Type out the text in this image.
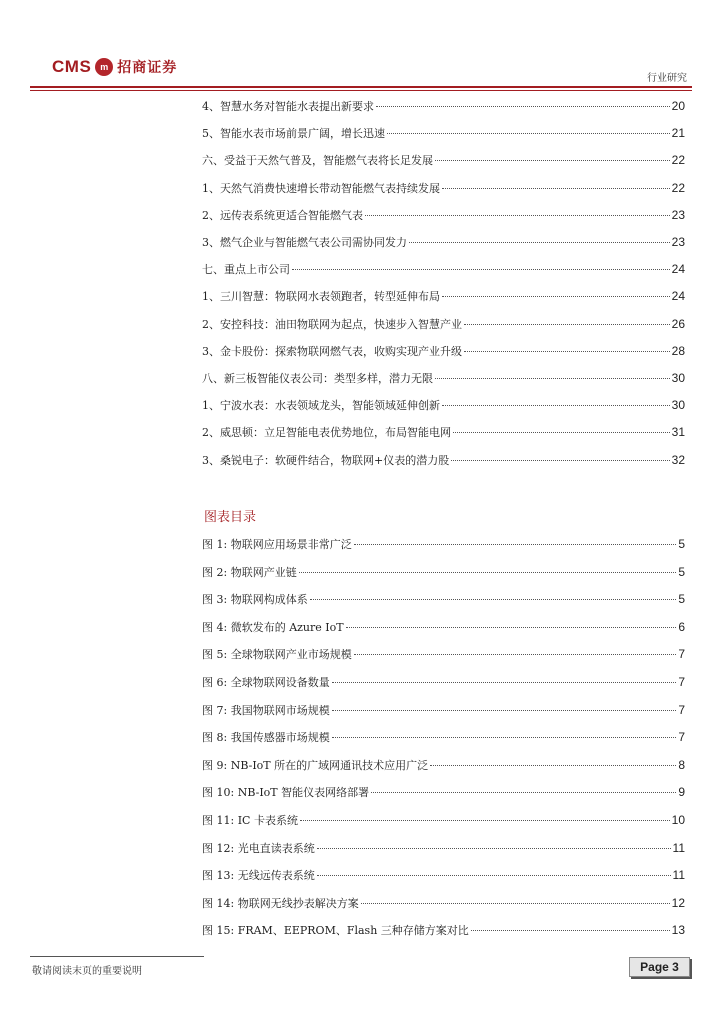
CMS m 招商证券
行业研究
4、智慧水务对智能水表提出新要求	20
5、智能水表市场前景广阔，增长迅速	21
六、受益于天然气普及，智能燃气表将长足发展	22
1、天然气消费快速增长带动智能燃气表持续发展	22
2、远传表系统更适合智能燃气表	23
3、燃气企业与智能燃气表公司需协同发力	23
七、重点上市公司	24
1、三川智慧：物联网水表领跑者，转型延伸布局	24
2、安控科技：油田物联网为起点，快速步入智慧产业	26
3、金卡股份：探索物联网燃气表，收购实现产业升级	28
八、新三板智能仪表公司：类型多样，潜力无限	30
1、宁波水表：水表领域龙头，智能领域延伸创新	30
2、威思顿：立足智能电表优势地位，布局智能电网	31
3、桑锐电子：软硬件结合，物联网+仪表的潜力股	32
图表目录
图 1: 物联网应用场景非常广泛	5
图 2: 物联网产业链	5
图 3: 物联网构成体系	5
图 4: 微软发布的 Azure IoT	6
图 5: 全球物联网产业市场规模	7
图 6: 全球物联网设备数量	7
图 7: 我国物联网市场规模	7
图 8: 我国传感器市场规模	7
图 9: NB-IoT 所在的广域网通讯技术应用广泛	8
图 10: NB-IoT 智能仪表网络部署	9
图 11: IC 卡表系统	10
图 12: 光电直读表系统	11
图 13: 无线远传表系统	11
图 14: 物联网无线抄表解决方案	12
图 15: FRAM、EEPROM、Flash 三种存储方案对比	13
敬请阅读末页的重要说明	Page 3
